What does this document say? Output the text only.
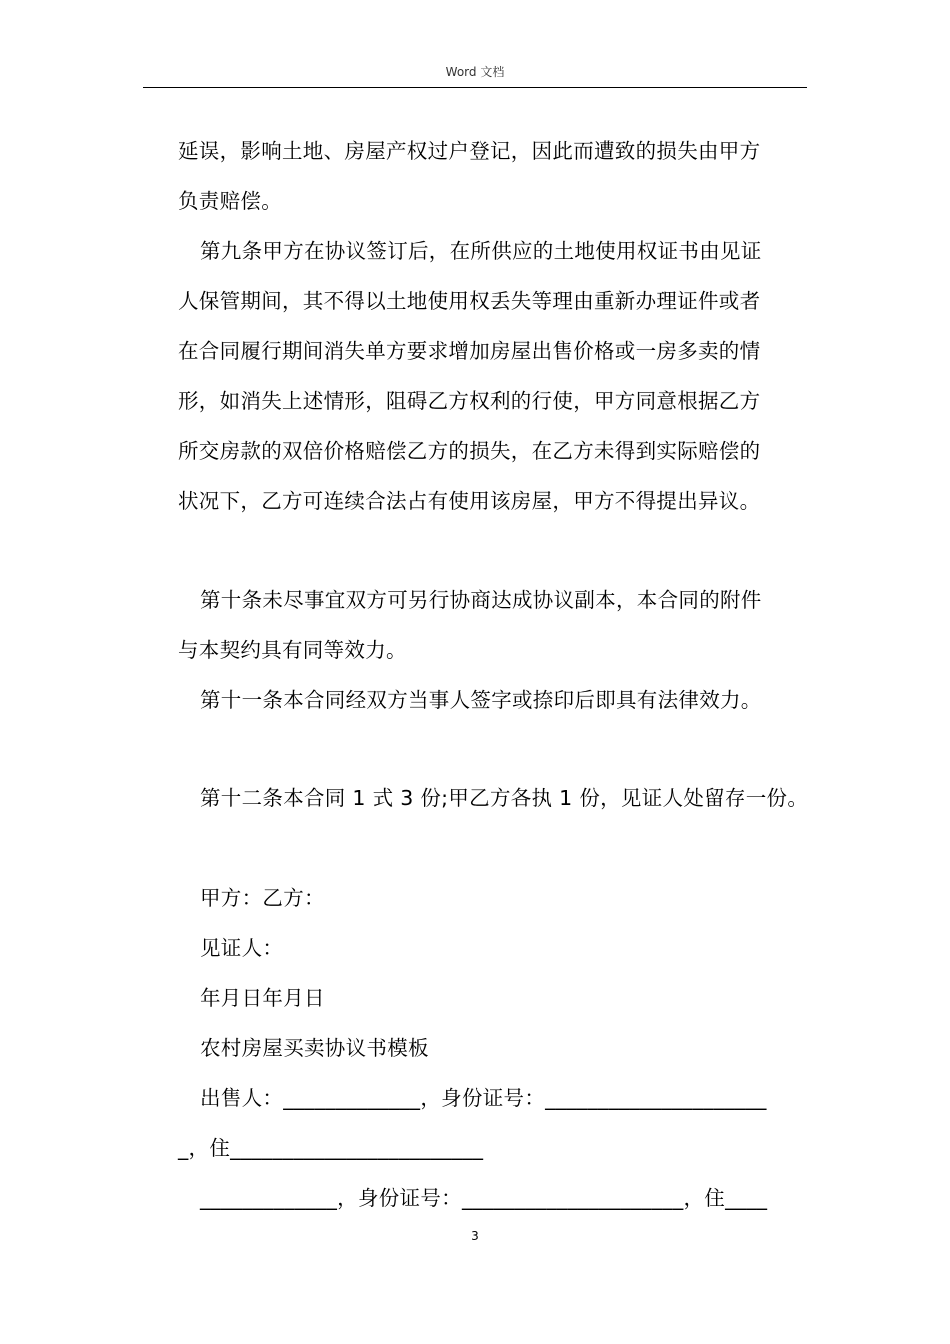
Word 文档
延误，影响土地、房屋产权过户登记，因此而遭致的损失由甲方
负责赔偿。
第九条甲方在协议签订后，在所供应的土地使用权证书由见证
人保管期间，其不得以土地使用权丢失等理由重新办理证件或者
在合同履行期间消失单方要求增加房屋出售价格或一房多卖的情
形，如消失上述情形，阻碍乙方权利的行使，甲方同意根据乙方
所交房款的双倍价格赔偿乙方的损失，在乙方未得到实际赔偿的
状况下，乙方可连续合法占有使用该房屋，甲方不得提出异议。
第十条未尽事宜双方可另行协商达成协议副本，本合同的附件
与本契约具有同等效力。
第十一条本合同经双方当事人签字或捺印后即具有法律效力。
第十二条本合同 1 式 3 份;甲乙方各执 1 份，见证人处留存一份。
甲方：乙方：
见证人：
年月日年月日
农村房屋买卖协议书模板
出售人：_____________，身份证号：_____________________
_，住________________________
_____________，身份证号：_____________________，住____
3
